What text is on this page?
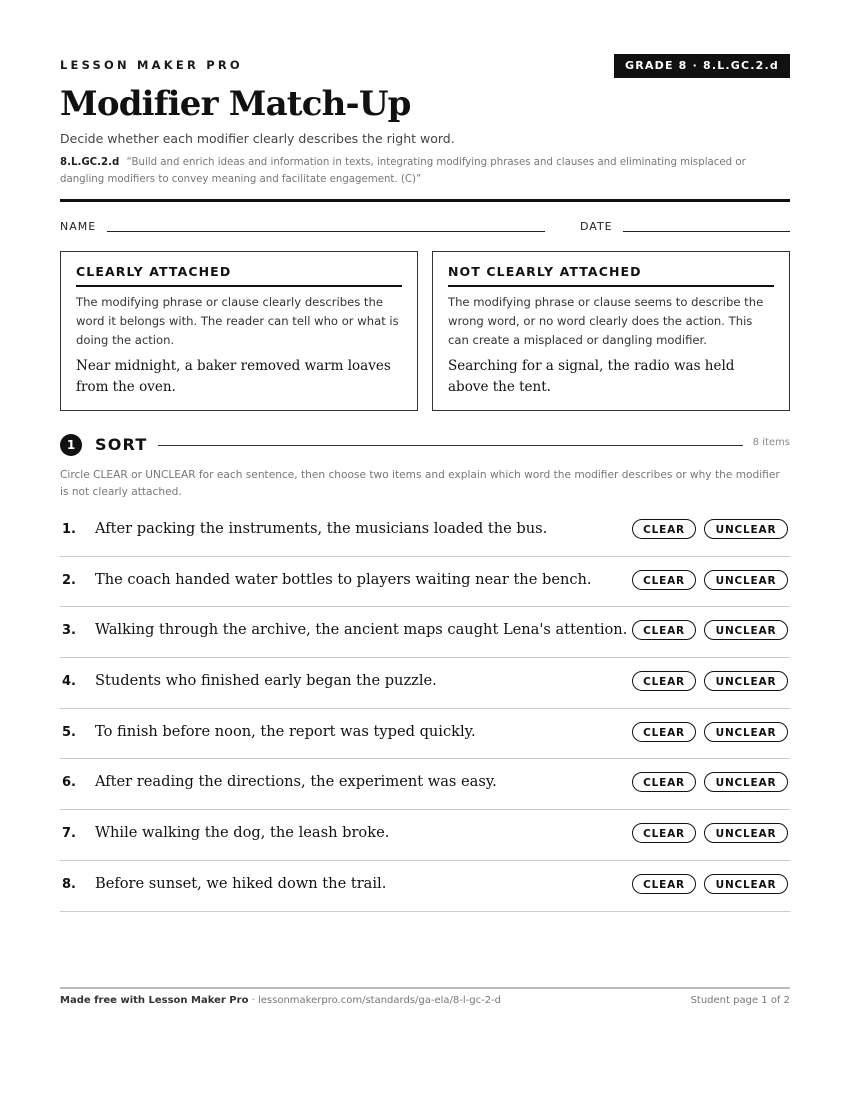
LESSON MAKER PRO	GRADE 8 · 8.L.GC.2.d
Modifier Match-Up
Decide whether each modifier clearly describes the right word.
8.L.GC.2.d “Build and enrich ideas and information in texts, integrating modifying phrases and clauses and eliminating misplaced or dangling modifiers to convey meaning and facilitate engagement. (C)”
NAME	DATE
CLEARLY ATTACHED
The modifying phrase or clause clearly describes the word it belongs with. The reader can tell who or what is doing the action.
Near midnight, a baker removed warm loaves from the oven.
NOT CLEARLY ATTACHED
The modifying phrase or clause seems to describe the wrong word, or no word clearly does the action. This can create a misplaced or dangling modifier.
Searching for a signal, the radio was held above the tent.
1	SORT	8 items
Circle CLEAR or UNCLEAR for each sentence, then choose two items and explain which word the modifier describes or why the modifier is not clearly attached.
1. After packing the instruments, the musicians loaded the bus.	CLEAR	UNCLEAR
2. The coach handed water bottles to players waiting near the bench.	CLEAR	UNCLEAR
3. Walking through the archive, the ancient maps caught Lena's attention.	CLEAR	UNCLEAR
4. Students who finished early began the puzzle.	CLEAR	UNCLEAR
5. To finish before noon, the report was typed quickly.	CLEAR	UNCLEAR
6. After reading the directions, the experiment was easy.	CLEAR	UNCLEAR
7. While walking the dog, the leash broke.	CLEAR	UNCLEAR
8. Before sunset, we hiked down the trail.	CLEAR	UNCLEAR
Made free with Lesson Maker Pro · lessonmakerpro.com/standards/ga-ela/8-l-gc-2-d	Student page 1 of 2
